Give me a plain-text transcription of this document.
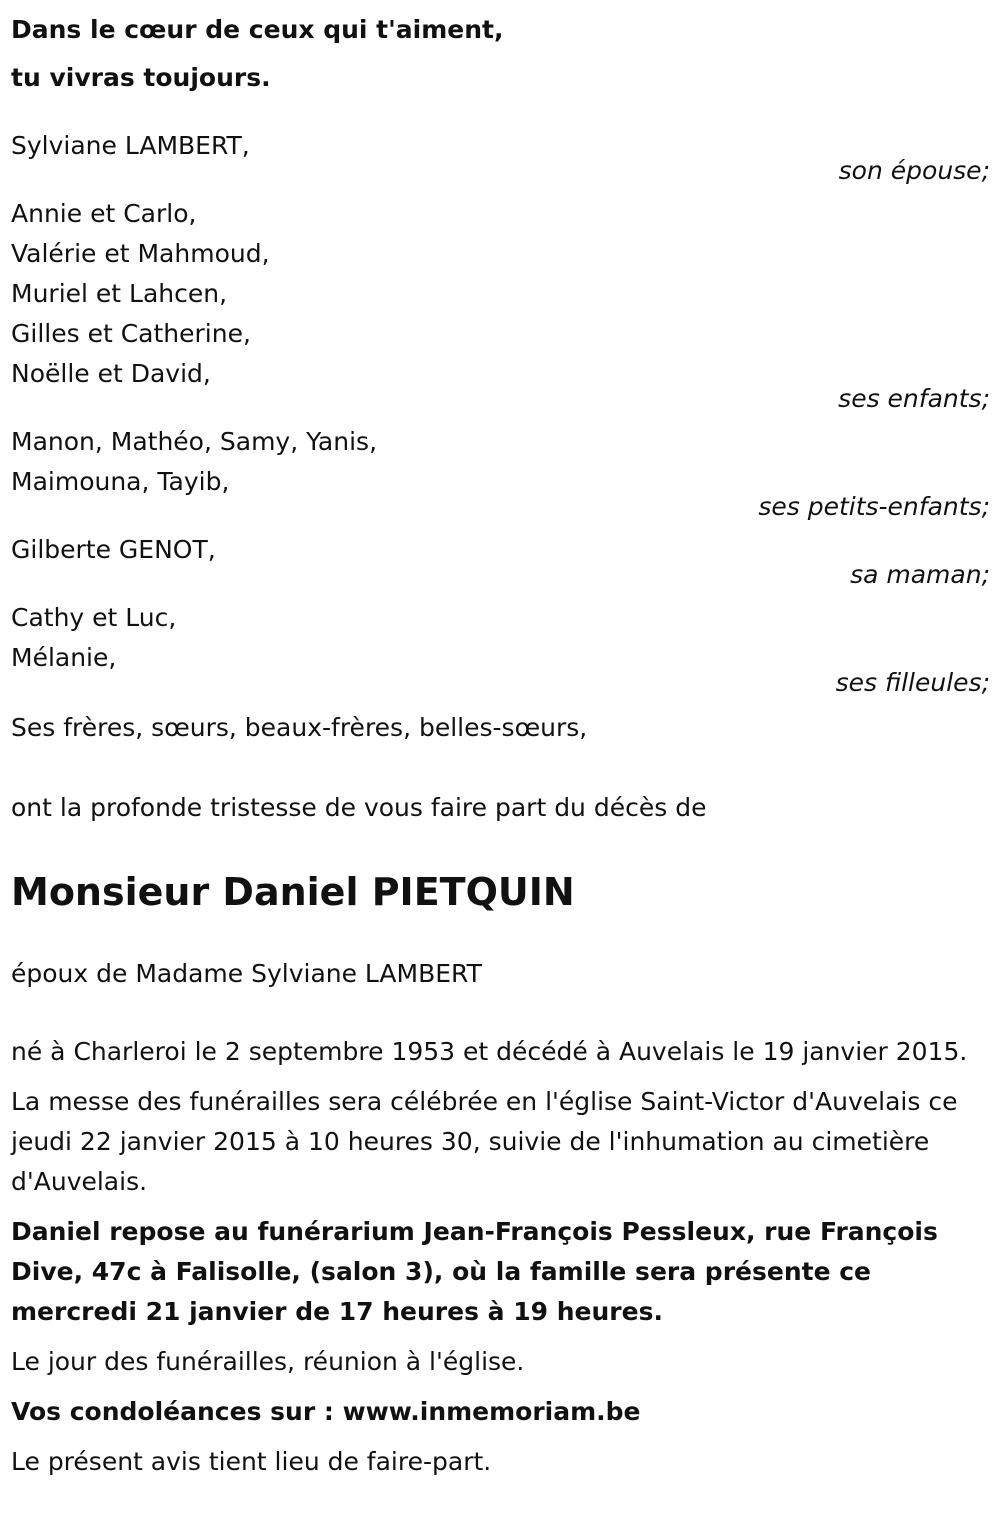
Dans le cœur de ceux qui t'aiment,
tu vivras toujours.

Sylviane LAMBERT,
son épouse;
Annie et Carlo,
Valérie et Mahmoud,
Muriel et Lahcen,
Gilles et Catherine,
Noëlle et David,
ses enfants;
Manon, Mathéo, Samy, Yanis,
Maimouna, Tayib,
ses petits-enfants;
Gilberte GENOT,
sa maman;
Cathy et Luc,
Mélanie,
ses filleules;
Ses frères, sœurs, beaux-frères, belles-sœurs,
ont la profonde tristesse de vous faire part du décès de
Monsieur Daniel PIETQUIN
époux de Madame Sylviane LAMBERT
né à Charleroi le 2 septembre 1953 et décédé à Auvelais le 19 janvier 2015.
La messe des funérailles sera célébrée en l'église Saint-Victor d'Auvelais ce jeudi 22 janvier 2015 à 10 heures 30, suivie de l'inhumation au cimetière d'Auvelais.
Daniel repose au funérarium Jean-François Pessleux, rue François Dive, 47c à Falisolle, (salon 3), où la famille sera présente ce mercredi 21 janvier de 17 heures à 19 heures.
Le jour des funérailles, réunion à l'église.
Vos condoléances sur : www.inmemoriam.be
Le présent avis tient lieu de faire-part.
